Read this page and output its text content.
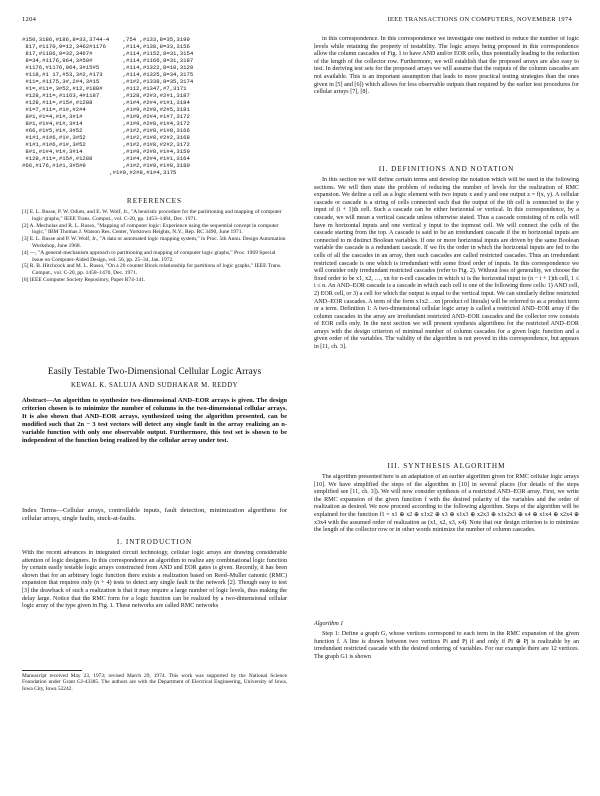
1204	IEEE TRANSACTIONS ON COMPUTERS, NOVEMBER 1974
#150,3186,#186,8=33,3744-4    ,754 ,#133,8=35,3199
817,#1170,9=12,3462#1176     ,#114,#138,8=33,3156
817,#1186,9=32,3467#         ,#114,#1152,8=31,3154
8=34,#1176,964,3#50#         ,#114,#1166,8=31,3187
#1176,#1176,964,3#15#5       ,#114,#1322,8=10,3129
#118,#1 17,#53,3#2,#173      ,#114,#1325,8=34,3175
#11=,#1175,3#,2#4,3#15       ,#1#2,#1338,8=35,3174
#1=,#11=,3#52,#12,#188#      ,#112,#1347,#7,3171
#128,#11=,#1163,4#1187       ,#128,#2#3,#2#1,3187
#128,#11=,#15#,#1288         ,#1#4,#2#4,#1#1,3184
#1=7,#11=,#1#,#2#4           ,#1#9,#2#8,#2#5,3181
8#1,#1=4,#1#,3#1#            ,#1#9,#2#4,#1#7,3172
8#1,#1#4,#1#,3#14            ,#1#9,#2#8,#1#4,3172
#66,#1#5,#1#,3#52            ,#1#2,#1#8,#1#8,3166
#1#1,#1#6,#1#,3#52           ,#1#2,#1#8,#2#2,3168
#1#1,#1#6,#1#,3#52           ,#1#2,#1#8,#2#2,3172
8#1,#1#4,#1#,3#14            ,#1#9,#2#8,#1#4,3159
#128,#11=,#15#,#1288         ,#1#4,#2#4,#1#1,3164
#66,#176,#1#1,3#5#9           ,#1#2,#1#8,#1#8,3180
,#1#9,#2#8,#1#4,3175
REFERENCES

[1] E. L. Busse, P. W. Odum, and E. W. Wolf, Jr., "A heuristic procedure for the partitioning and mapping of computer logic graphs," IEEE Trans. Comput., vol. C-20, pp. 1453–1484, Dec. 1971.

[2] A. Mecholas and R. L. Russo, "Mapping of computer logic: Experience using the sequential concept in computer logic," IBM Thomas J. Watson Res. Center, Yorktown Heights, N.Y., Rep. RC 3490, June 1971.

[3] E. L. Busse and P. W. Wolf, Jr., "A data or automated logic mapping system," in Proc. 5th Annu. Design Automation Workshop, June 1968.

[4] —, "A general-mechanism approach to partitioning and mapping of computer logic graphs," Proc. 1969 Special Issue on Computer-Aided Design, vol. 56, pp. 25–34, Jan. 1972.

[5] R. B. Hitchcock and M. L. Russo, "On a 20 counter Block relationship for partitions of logic graphs," IEEE Trans. Comput., vol. C-20, pp. 1458–1470, Dec. 1971.

[6] IEEE Computer Society Repository, Paper R74-141.

Easily Testable Two-Dimensional Cellular Logic Arrays
KEWAL K. SALUJA AND SUDHAKAR M. REDDY
Abstract—An algorithm to synthesize two-dimensional AND–EOR arrays is given. The design criterion chosen is to minimize the number of columns in the two-dimensional cellular arrays. It is also shown that AND–EOR arrays, synthesized using the algorithm presented, can be modified such that 2n − 3 test vectors will detect any single fault in the array realizing an n-variable function with only one observable output. Furthermore, this test set is shown to be independent of the function being realized by the cellular array under test.
Index Terms—Cellular arrays, controllable inputs, fault detection, minimization algorithms for cellular arrays, single faults, stuck-at-faults.
I. INTRODUCTION
With the recent advances in integrated circuit technology, cellular logic arrays are drawing considerable attention of logic designers. In this correspondence an algorithm to realize any combinational logic function by certain easily testable logic arrays constructed from AND and EOR gates is given. Recently, it has been shown that for an arbitrary logic function there exists a realization based on Reed–Muller canonic (RMC) expansion that requires only (n + 4) tests to detect any single fault in the network [2]. Though easy to test [3] the drawback of such a realization is that it may require a large number of logic levels, thus making the delay large. Notice that the RMC form for a logic function can be realized by a two-dimensional cellular logic array of the type given in Fig. 1. These networks are called RMC networks
Manuscript received May 23, 1973; revised March 29, 1974. This work was supported by the National Science Foundation under Grant GJ-43385. The authors are with the Department of Electrical Engineering, University of Iowa, Iowa City, Iowa 52242.

in this correspondence. In this correspondence we investigate one method to reduce the number of logic levels while retaining the property of testability. The logic arrays being proposed in this correspondence allow the column cascades of Fig. 1 to have AND and/or EOR cells, thus potentially leading to the reduction of the length of the collector row. Furthermore, we will establish that the proposed arrays are also easy to test. In deriving test sets for the proposed arrays we will assume that the outputs of the column cascades are not available. This is an important assumption that leads to more practical testing strategies than the ones given in [5] and [6]) which allows for less observable outputs than required by the earlier test procedures for cellular arrays [7], [8].

II. DEFINITIONS AND NOTATION

In this section we will define certain terms and develop the notation which will be used in the following sections. We will then state the problem of reducing the number of levels for the realization of RMC expansion. We define a cell as a logic element with two inputs x and y and one output z = f(x, y). A cellular cascade or cascade is a string of cells connected such that the output of the ith cell is connected to the y input of (i + 1)th cell. Such a cascade can be either horizontal or vertical. In this correspondence, by a cascade, we will mean a vertical cascade unless otherwise stated. Thus a cascade consisting of m cells will have m horizontal inputs and one vertical y input to the topmost cell. We will connect the cells of the cascade starting from the top. A cascade is said to be an irredundant cascade if the m horizontal inputs are connected to m distinct Boolean variables. If one or more horizontal inputs are driven by the same Boolean variable the cascade is a redundant cascade. If we fix the order in which the horizontal inputs are fed to the cells of all the cascades in an array, then such cascades are called restricted cascades. Thus an irredundant restricted cascade is one which is irredundant with some fixed order of inputs. In this correspondence we will consider only irredundant restricted cascades (refer to Fig. 2). Without loss of generality, we choose the fixed order to be x1, x2, …, xn for n-cell cascades in which xi is the horizontal input to (n − i + 1)th cell, 1 ≤ i ≤ n. An AND–EOR cascade is a cascade in which each cell is one of the following three cells: 1) AND cell, 2) EOR cell, or 3) a cell for which the output is equal to the vertical input. We can similarly define restricted AND–EOR cascades. A term of the form x1x2…xn (product of literals) will be referred to as a product term or a term. Definition 1: A two-dimensional cellular logic array is called a restricted AND–EOR array if the column cascades in the array are irredundant restricted AND–EOR cascades and the collector row consists of EOR cells only. In the next section we will present synthesis algorithms for the restricted AND–EOR arrays with the design criterion of minimal number of column cascades for a given logic function and a given order of the variables. The validity of the algorithm is not proved in this correspondence, but appears in [11, ch. 3].

III. SYNTHESIS ALGORITHM

The algorithm presented here is an adaptation of an earlier algorithm given for RMC cellular logic arrays [10]. We have simplified the steps of the algorithm in [10] in several places (for details of the steps simplified see [11, ch. 3]). We will now consider synthesis of a restricted AND–EOR array. First, we write the RMC expansion of the given function f with the desired polarity of the variables and the order of realization as desired. We now proceed according to the following algorithm. Steps of the algorithm will be explained for the function f1 = x1 ⊕ x2 ⊕ x1x2 ⊕ x3 ⊕ x1x3 ⊕ x2x3 ⊕ x1x2x3 ⊕ x4 ⊕ x1x4 ⊕ x2x4 ⊕ x3x4 with the assumed order of realization as (x1, x2, x3, x4). Note that our design criterion is to minimize the length of the collector row or in other words minimize the number of column cascades.

Algorithm 1

Step 1: Define a graph G, whose vertices correspond to each term in the RMC expansion of the given function f. A line is drawn between two vertices Pi and Pj if and only if Pi ⊕ Pj is realizable by an irredundant restricted cascade with the desired ordering of variables. For our example there are 12 vertices. The graph G1 is shown
